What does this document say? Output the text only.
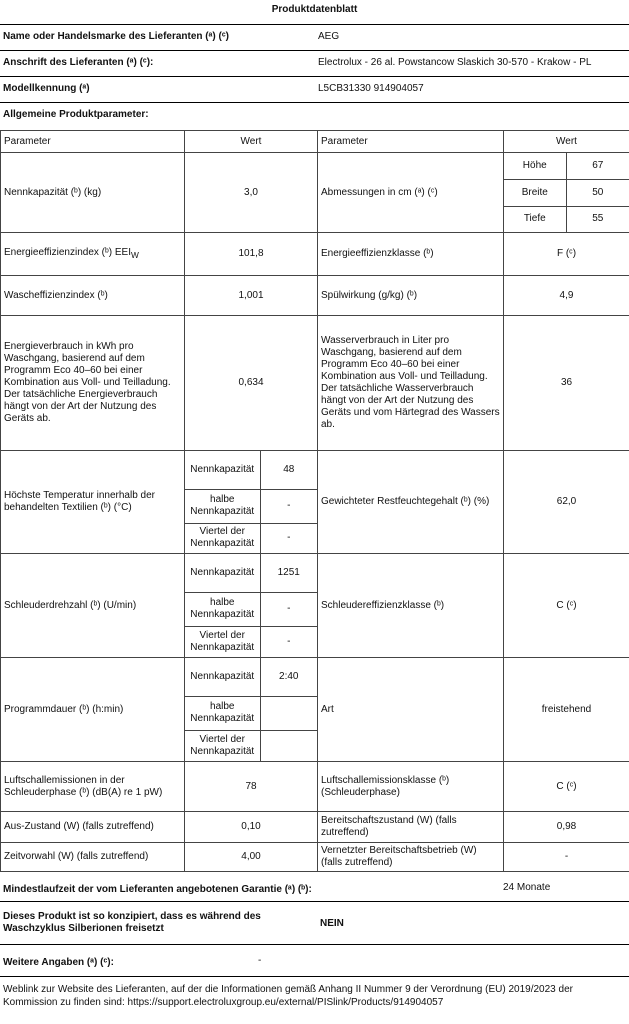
Produktdatenblatt
Name oder Handelsmarke des Lieferanten (ᵃ) (ᶜ)	AEG
Anschrift des Lieferanten (ᵃ) (ᶜ):	Electrolux - 26 al. Powstancow Slaskich 30-570 - Krakow - PL
Modellkennung (ᵃ)	L5CB31330 914904057
Allgemeine Produktparameter:
Parameter	Wert	Parameter	Wert
Nennkapazität (ᵇ) (kg)	3,0	Abmessungen in cm (ᵃ) (ᶜ)	
Höhe	67
Breite	50
Tiefe	55

Energieeffizienzindex (ᵇ) $EEI_W$	101,8	Energieeffizienzklasse (ᵇ)	F (ᶜ)
Wascheffizienzindex (ᵇ)	1,001	Spülwirkung (g/kg) (ᵇ)	4,9
Energieverbrauch in kWh pro Waschgang, basierend auf dem Programm Eco 40–60 bei einer Kombination aus Voll- und Teilladung. Der tatsächliche Energieverbrauch hängt von der Art der Nutzung des Geräts ab.	0,634	Wasserverbrauch in Liter pro Waschgang, basierend auf dem Programm Eco 40–60 bei einer Kombination aus Voll- und Teilladung. Der tatsächliche Wasserverbrauch hängt von der Art der Nutzung des Geräts und vom Härtegrad des Wassers ab.	36
Höchste Temperatur innerhalb der behandelten Textilien (ᵇ) (°C)	
Nennkapazität	48
halbe Nennkapazität	-
Viertel der Nennkapazität	-
	Gewichteter Restfeuchtegehalt (ᵇ) (%)	62,0
Schleuderdrehzahl (ᵇ) (U/min)	
Nennkapazität	1251
halbe Nennkapazität	-
Viertel der Nennkapazität	-
	Schleudereffizienzklasse (ᵇ)	C (ᶜ)
Programmdauer (ᵇ) (h:min)	
Nennkapazität	2:40
halbe Nennkapazität	
Viertel der Nennkapazität	
	Art	freistehend
Luftschallemissionen in der Schleuderphase (ᵇ) (dB(A) re 1 pW)	78	Luftschallemissionsklasse (ᵇ) (Schleuderphase)	C (ᶜ)
Aus-Zustand (W) (falls zutreffend)	0,10	Bereitschaftszustand (W) (falls zutreffend)	0,98
Zeitvorwahl (W) (falls zutreffend)	4,00	Vernetzter Bereitschaftsbetrieb (W) (falls zutreffend)	-
Mindestlaufzeit der vom Lieferanten angebotenen Garantie (ᵃ) (ᵇ):	24 Monate
Dieses Produkt ist so konzipiert, dass es während des Waschzyklus Silberionen freisetzt	NEIN
Weitere Angaben (ᵃ) (ᶜ):	-
Weblink zur Website des Lieferanten, auf der die Informationen gemäß Anhang II Nummer 9 der Verordnung (EU) 2019/2023 der Kommission zu finden sind: https://support.electroluxgroup.eu/external/PISlink/Products/914904057
